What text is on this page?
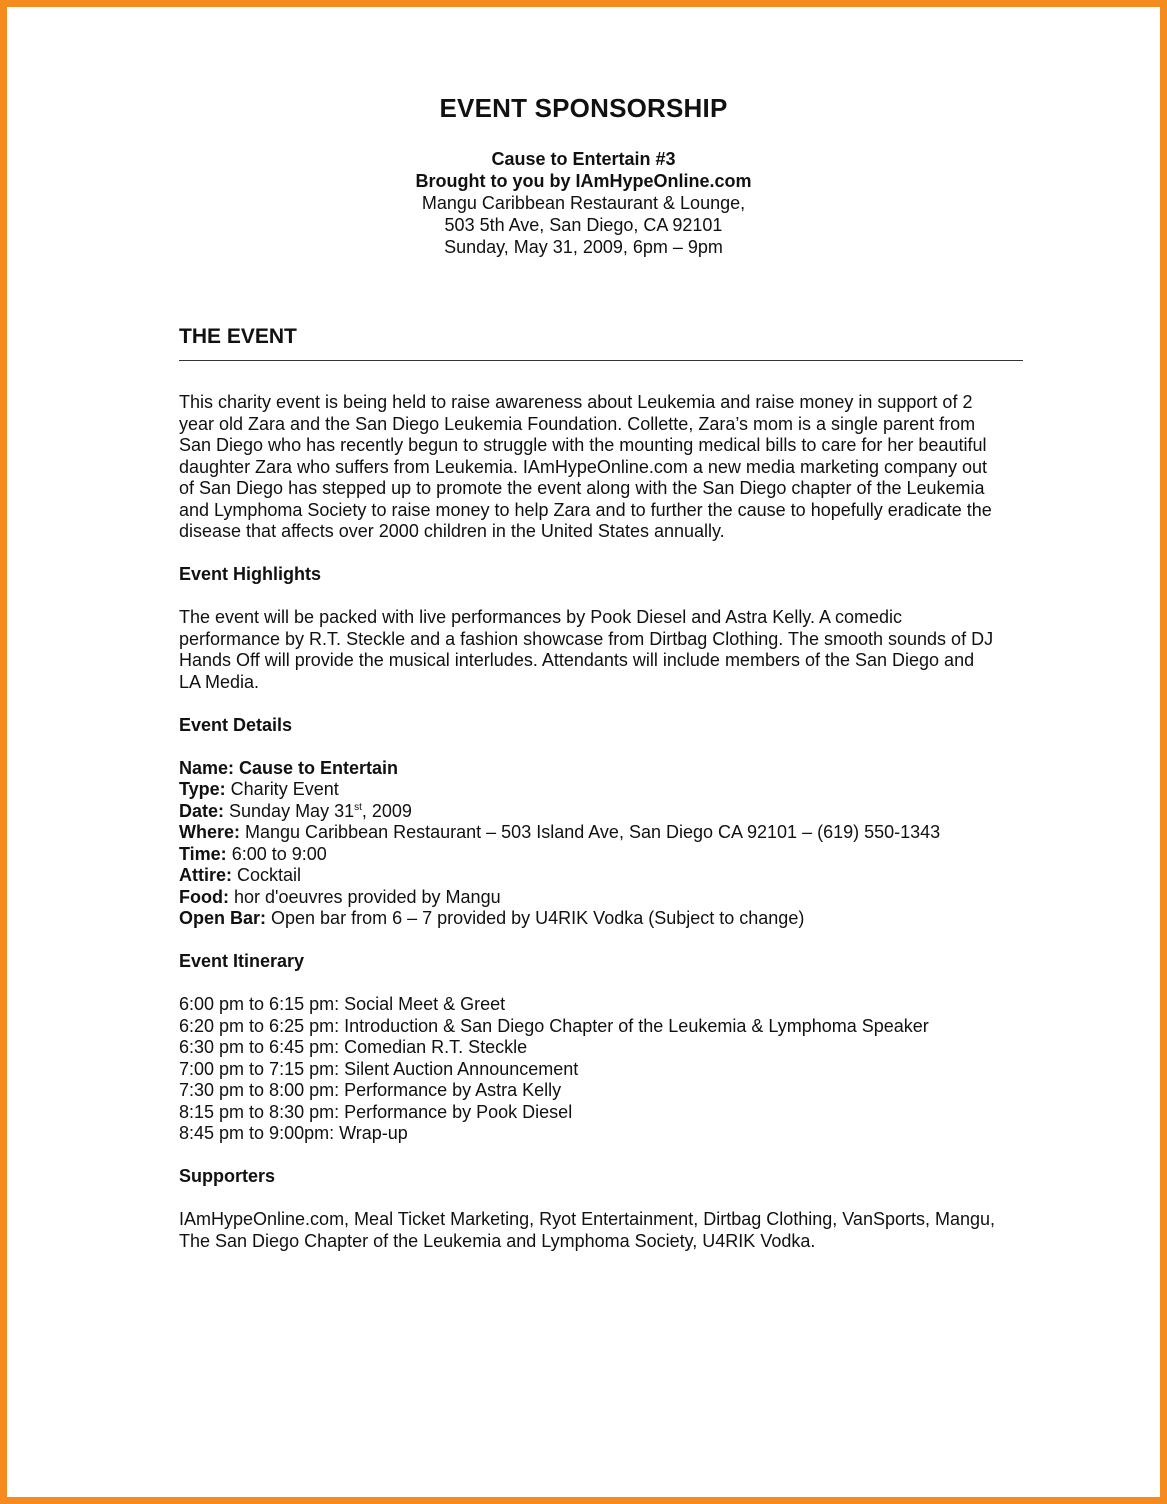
EVENT SPONSORSHIP
Cause to Entertain #3
Brought to you by IAmHypeOnline.com
Mangu Caribbean Restaurant & Lounge,
503 5th Ave, San Diego, CA 92101
Sunday, May 31, 2009, 6pm – 9pm
THE EVENT

This charity event is being held to raise awareness about Leukemia and raise money in support of 2 year old Zara and the San Diego Leukemia Foundation. Collette, Zara’s mom is a single parent from San Diego who has recently begun to struggle with the mounting medical bills to care for her beautiful daughter Zara who suffers from Leukemia. IAmHypeOnline.com a new media marketing company out of San Diego has stepped up to promote the event along with the San Diego chapter of the Leukemia and Lymphoma Society to raise money to help Zara and to further the cause to hopefully eradicate the disease that affects over 2000 children in the United States annually.

Event Highlights

The event will be packed with live performances by Pook Diesel and Astra Kelly. A comedic performance by R.T. Steckle and a fashion showcase from Dirtbag Clothing. The smooth sounds of DJ Hands Off will provide the musical interludes. Attendants will include members of the San Diego and LA Media.

Event Details

Name: Cause to Entertain
Type: Charity Event
Date: Sunday May 31st, 2009
Where: Mangu Caribbean Restaurant – 503 Island Ave, San Diego CA 92101 – (619) 550-1343
Time: 6:00 to 9:00
Attire: Cocktail
Food: hor d'oeuvres provided by Mangu
Open Bar: Open bar from 6 – 7 provided by U4RIK Vodka (Subject to change)

Event Itinerary

6:00 pm to 6:15 pm: Social Meet & Greet
6:20 pm to 6:25 pm: Introduction & San Diego Chapter of the Leukemia & Lymphoma Speaker
6:30 pm to 6:45 pm: Comedian R.T. Steckle
7:00 pm to 7:15 pm: Silent Auction Announcement
7:30 pm to 8:00 pm: Performance by Astra Kelly
8:15 pm to 8:30 pm: Performance by Pook Diesel
8:45 pm to 9:00pm: Wrap-up

Supporters

IAmHypeOnline.com, Meal Ticket Marketing, Ryot Entertainment, Dirtbag Clothing, VanSports, Mangu, The San Diego Chapter of the Leukemia and Lymphoma Society, U4RIK Vodka.
